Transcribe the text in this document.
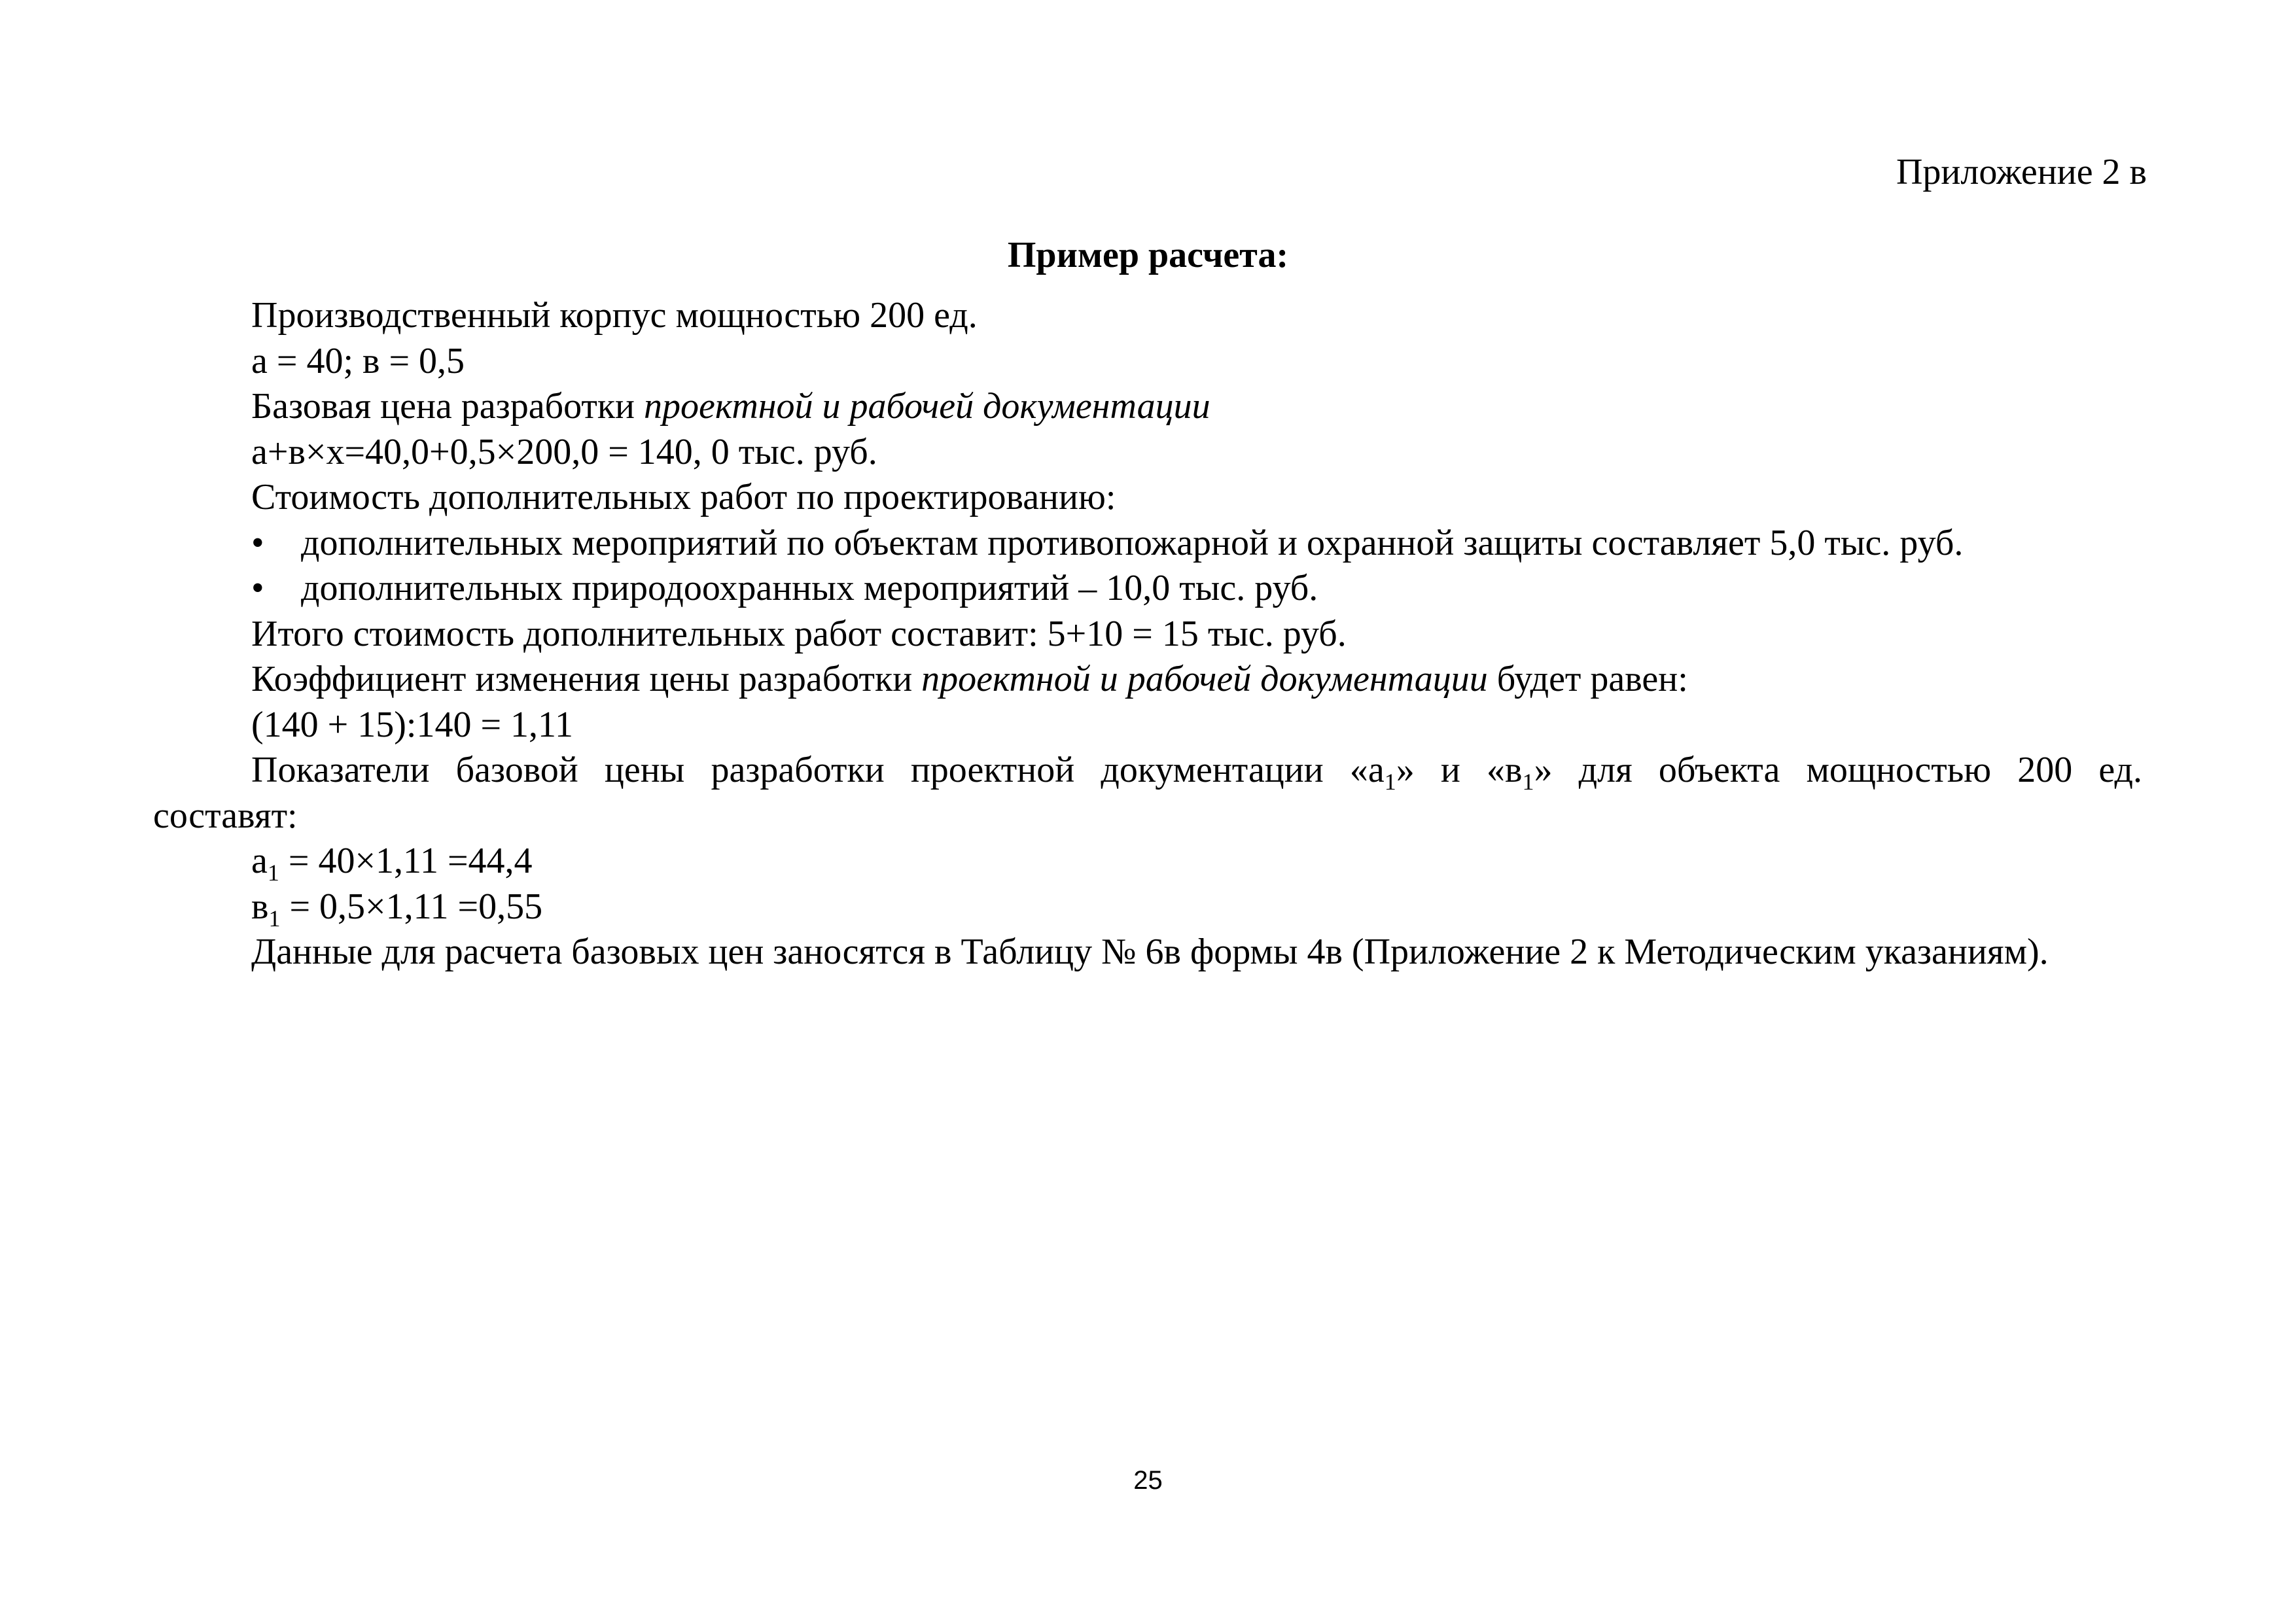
Приложение 2 в
Пример расчета:
Производственный корпус мощностью 200 ед.
а = 40; в = 0,5
Базовая цена разработки проектной и рабочей документации
а+в×х=40,0+0,5×200,0 = 140, 0 тыс. руб.
Стоимость дополнительных работ по проектированию:
• дополнительных мероприятий по объектам противопожарной и охранной защиты составляет 5,0 тыс. руб.
• дополнительных природоохранных мероприятий – 10,0 тыс. руб.
Итого стоимость дополнительных работ составит: 5+10 = 15 тыс. руб.
Коэффициент изменения цены разработки проектной и рабочей документации будет равен:
(140 + 15):140 = 1,11
Показатели базовой цены разработки проектной документации «$а_1$» и «$в_1$» для объекта мощностью 200 ед.
составят:
$а_1 = 40\times 1,11 =44,4$
$в_1 = 0,5\times 1,11 =0,55$
Данные для расчета базовых цен заносятся в Таблицу № 6в формы 4в (Приложение 2 к Методическим указаниям).
25
